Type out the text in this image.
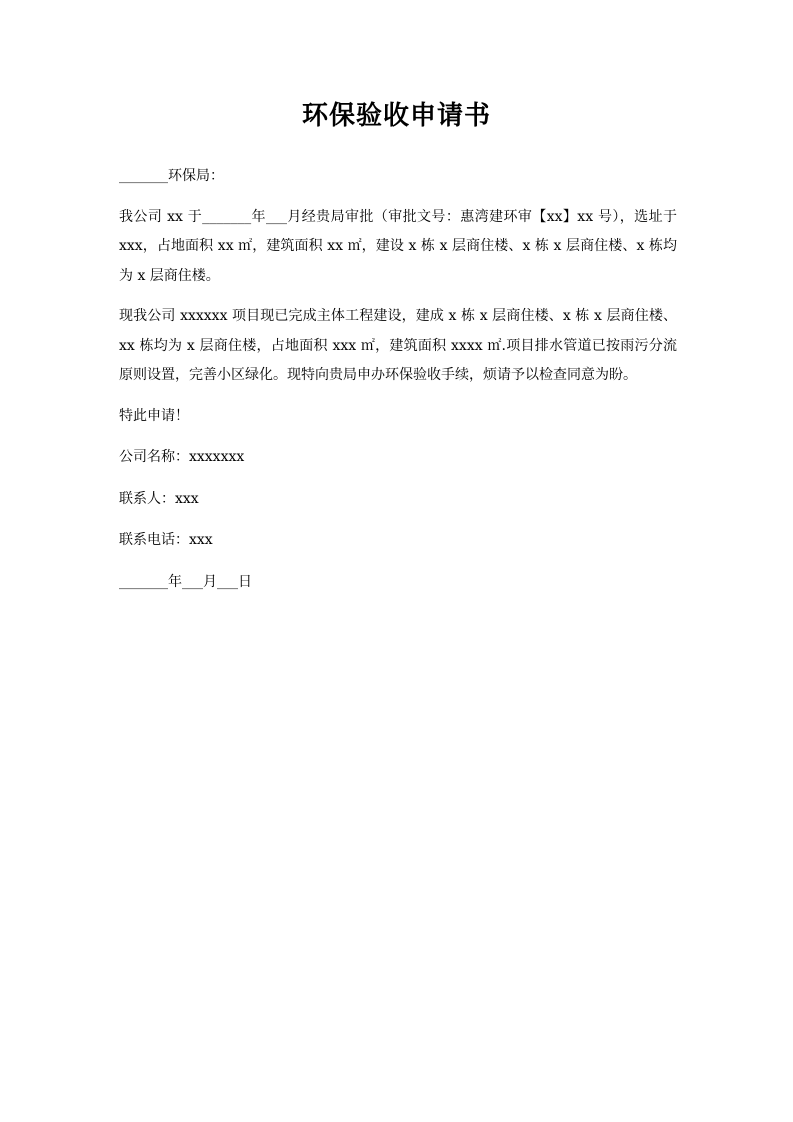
环保验收申请书

_______环保局：

我公司 xx 于_______年___月经贵局审批（审批文号：惠湾建环审【xx】xx 号），选址于 xxx，占地面积 xx ㎡，建筑面积 xx ㎡，建设 x 栋 x 层商住楼、x 栋 x 层商住楼、x 栋均为 x 层商住楼。

现我公司 xxxxxx 项目现已完成主体工程建设，建成 x 栋 x 层商住楼、x 栋 x 层商住楼、xx 栋均为 x 层商住楼，占地面积 xxx ㎡，建筑面积 xxxx ㎡.项目排水管道已按雨污分流原则设置，完善小区绿化。现特向贵局申办环保验收手续，烦请予以检查同意为盼。

特此申请！

公司名称：xxxxxxx

联系人：xxx

联系电话：xxx

_______年___月___日
